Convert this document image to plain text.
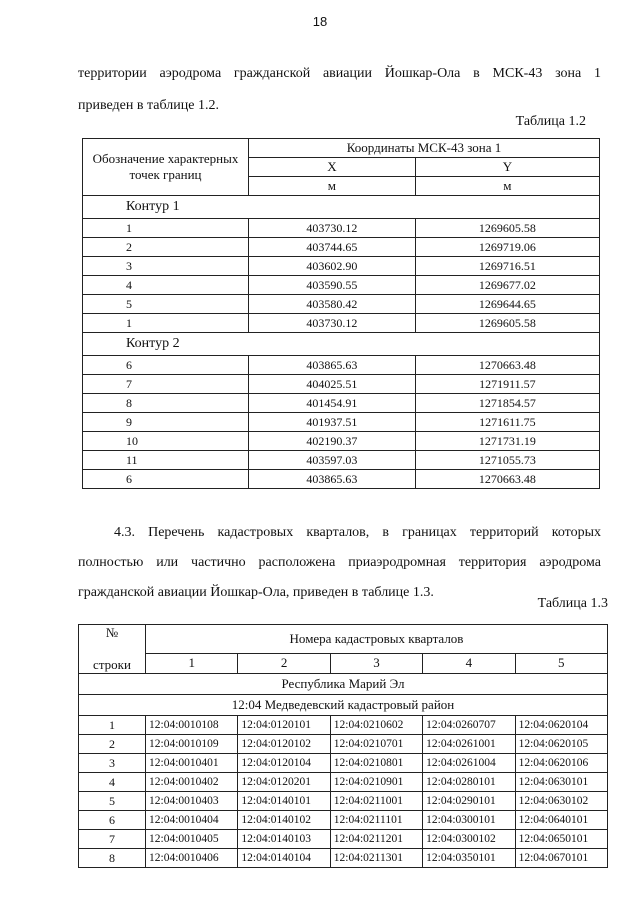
18
территории аэродрома гражданской авиации Йошкар-Ола в МСК-43 зона 1
приведен в таблице 1.2.
Таблица 1.2
Обозначение характерных точек границ	Координаты МСК-43 зона 1	
	X	Y
	м	м
Контур 1		
1	403730.12	1269605.58
2	403744.65	1269719.06
3	403602.90	1269716.51
4	403590.55	1269677.02
5	403580.42	1269644.65
1	403730.12	1269605.58
Контур 2		
6	403865.63	1270663.48
7	404025.51	1271911.57
8	401454.91	1271854.57
9	401937.51	1271611.75
10	402190.37	1271731.19
11	403597.03	1271055.73
6	403865.63	1270663.48
4.3. Перечень кадастровых кварталов, в границах территорий которых полностью или частично расположена приаэродромная территория аэродрома гражданской авиации Йошкар-Ола, приведен в таблице 1.3.
Таблица 1.3
№

строки	Номера кадастровых кварталов				
	1	2	3	4	5
Республика Марий Эл					
12:04 Медведевский кадастровый район					
1	12:04:0010108	12:04:0120101	12:04:0210602	12:04:0260707	12:04:0620104
2	12:04:0010109	12:04:0120102	12:04:0210701	12:04:0261001	12:04:0620105
3	12:04:0010401	12:04:0120104	12:04:0210801	12:04:0261004	12:04:0620106
4	12:04:0010402	12:04:0120201	12:04:0210901	12:04:0280101	12:04:0630101
5	12:04:0010403	12:04:0140101	12:04:0211001	12:04:0290101	12:04:0630102
6	12:04:0010404	12:04:0140102	12:04:0211101	12:04:0300101	12:04:0640101
7	12:04:0010405	12:04:0140103	12:04:0211201	12:04:0300102	12:04:0650101
8	12:04:0010406	12:04:0140104	12:04:0211301	12:04:0350101	12:04:0670101
